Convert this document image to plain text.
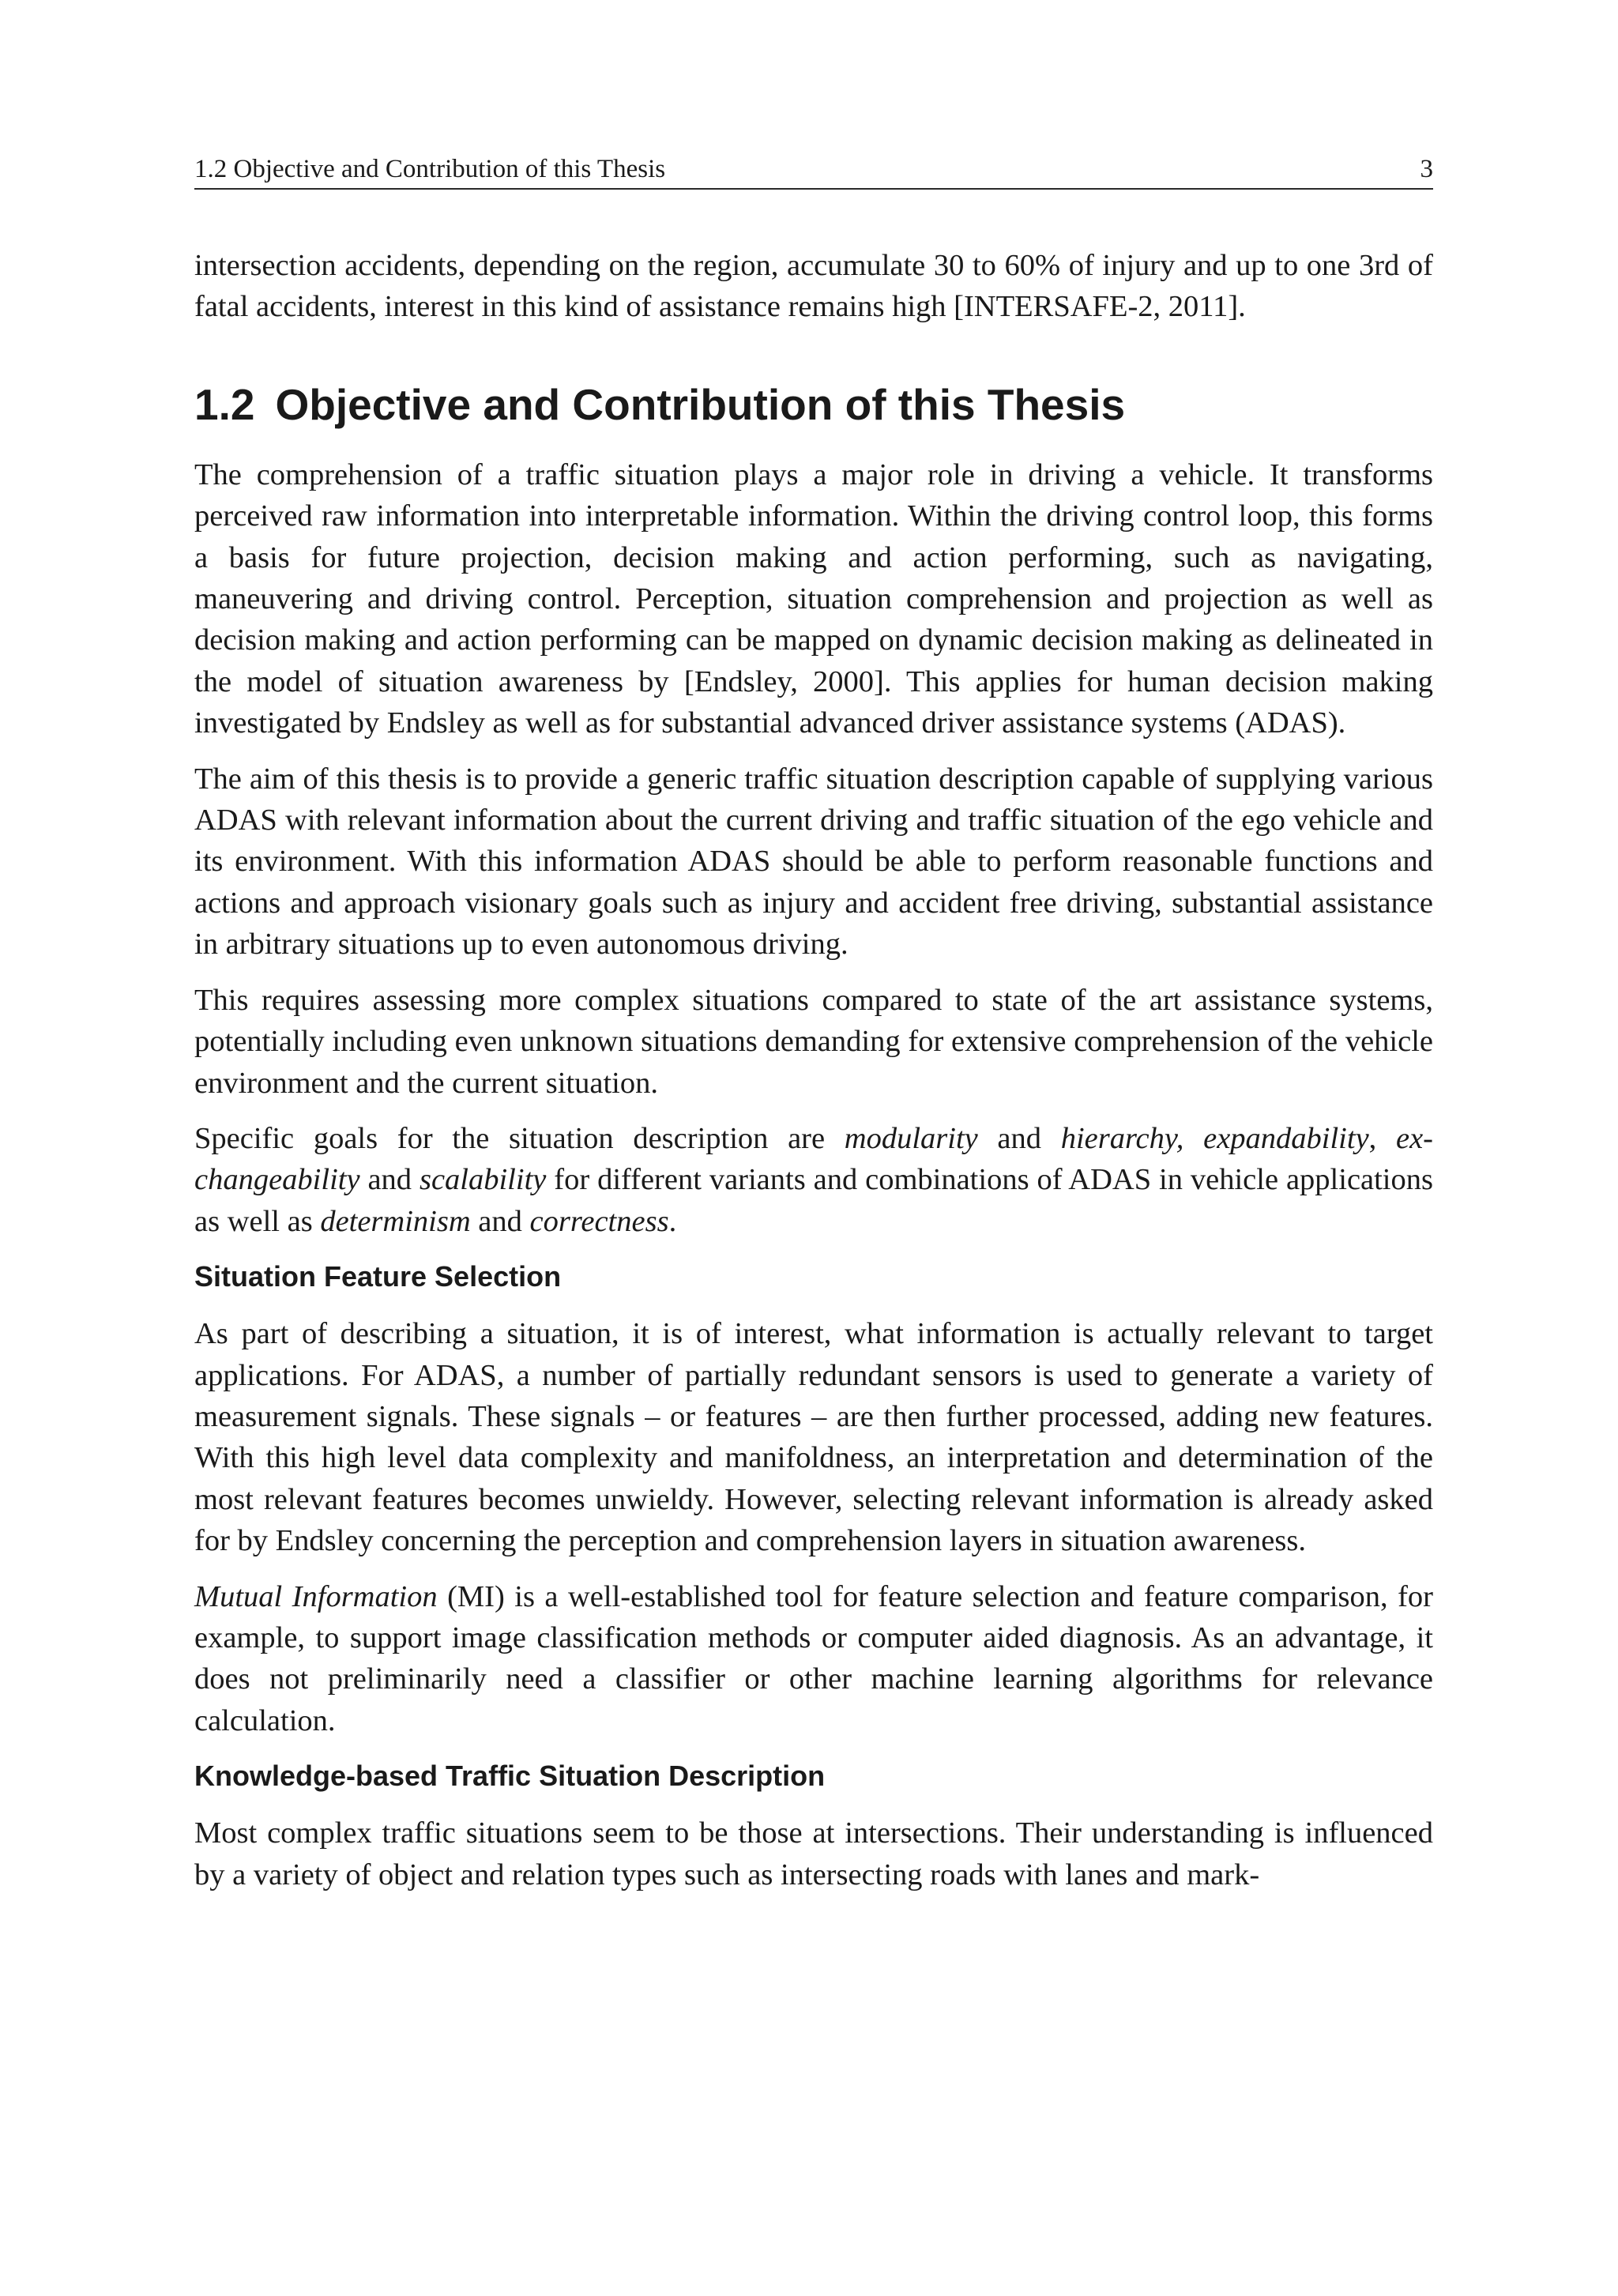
1.2 Objective and Contribution of this Thesis	3

intersection accidents, depending on the region, accumulate 30 to 60% of injury and up to one 3rd of fatal accidents, interest in this kind of assistance remains high [INTERSAFE-2, 2011].

1.2 Objective and Contribution of this Thesis

The comprehension of a traffic situation plays a major role in driving a vehicle. It transforms perceived raw information into interpretable information. Within the driving control loop, this forms a basis for future projection, decision making and action performing, such as navigating, maneuvering and driving control. Perception, situation comprehension and projection as well as decision making and action performing can be mapped on dynamic decision making as delineated in the model of situation awareness by [Endsley, 2000]. This applies for human decision making investigated by Endsley as well as for substantial advanced driver assistance systems (ADAS).

The aim of this thesis is to provide a generic traffic situation description capable of supplying various ADAS with relevant information about the current driving and traffic situation of the ego vehicle and its environment. With this information ADAS should be able to perform reasonable functions and actions and approach visionary goals such as injury and accident free driving, substantial assistance in arbitrary situations up to even autonomous driving.

This requires assessing more complex situations compared to state of the art assistance systems, potentially including even unknown situations demanding for extensive comprehension of the vehicle environment and the current situation.

Specific goals for the situation description are modularity and hierarchy, expandability, exchangeability and scalability for different variants and combinations of ADAS in vehicle applications as well as determinism and correctness.

Situation Feature Selection

As part of describing a situation, it is of interest, what information is actually relevant to target applications. For ADAS, a number of partially redundant sensors is used to generate a variety of measurement signals. These signals – or features – are then further processed, adding new features. With this high level data complexity and manifoldness, an interpretation and determination of the most relevant features becomes unwieldy. However, selecting relevant information is already asked for by Endsley concerning the perception and comprehension layers in situation awareness.

Mutual Information (MI) is a well-established tool for feature selection and feature comparison, for example, to support image classification methods or computer aided diagnosis. As an advantage, it does not preliminarily need a classifier or other machine learning algorithms for relevance calculation.

Knowledge-based Traffic Situation Description

Most complex traffic situations seem to be those at intersections. Their understanding is influenced by a variety of object and relation types such as intersecting roads with lanes and mark-
